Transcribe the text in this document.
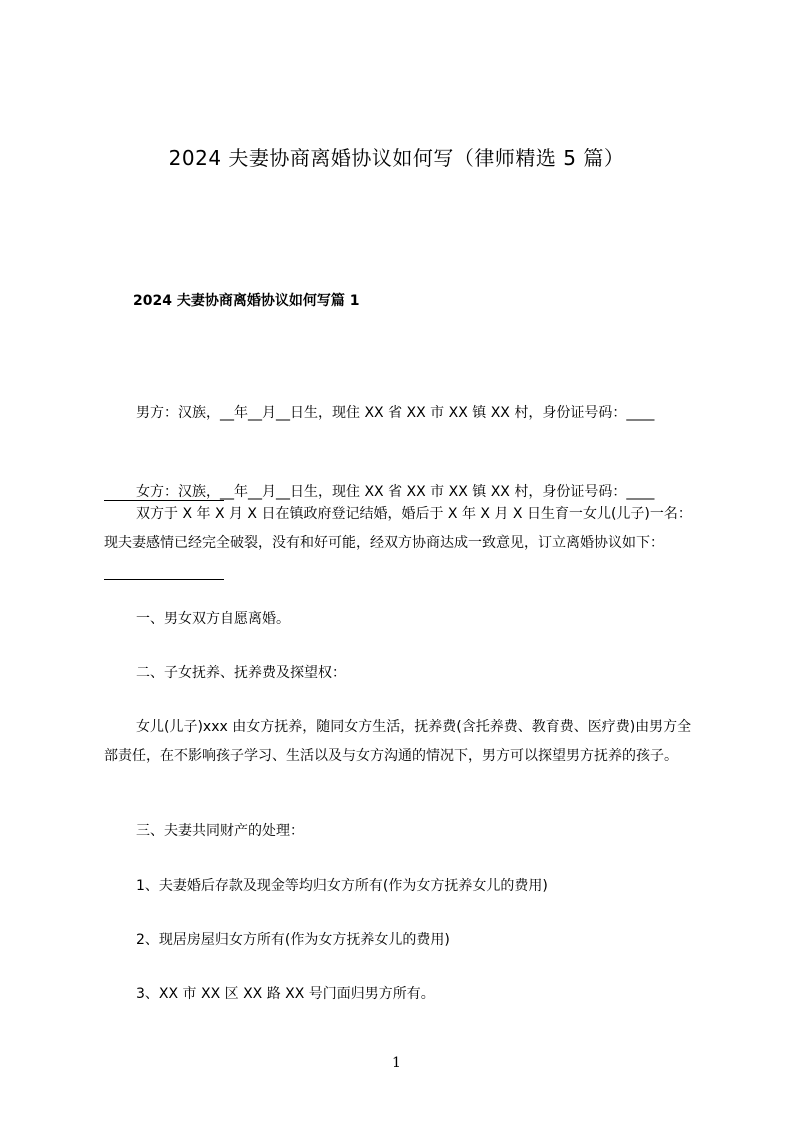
2024 夫妻协商离婚协议如何写（律师精选 5 篇）
2024 夫妻协商离婚协议如何写篇 1

男方：汉族，__年__月__日生，现住 XX 省 XX 市 XX 镇 XX 村，身份证号码：____

女方：汉族，__年__月__日生，现住 XX 省 XX 市 XX 镇 XX 村，身份证号码：____

双方于 X 年 X 月 X 日在镇政府登记结婚，婚后于 X 年 X 月 X 日生育一女儿(儿子)一名：现夫妻感情已经完全破裂，没有和好可能，经双方协商达成一致意见，订立离婚协议如下：
一、男女双方自愿离婚。
二、子女抚养、抚养费及探望权：
女儿(儿子)xxx 由女方抚养，随同女方生活，抚养费(含托养费、教育费、医疗费)由男方全部责任，在不影响孩子学习、生活以及与女方沟通的情况下，男方可以探望男方抚养的孩子。
三、夫妻共同财产的处理：
1、夫妻婚后存款及现金等均归女方所有(作为女方抚养女儿的费用)
2、现居房屋归女方所有(作为女方抚养女儿的费用)
3、XX 市 XX 区 XX 路 XX 号门面归男方所有。
1
